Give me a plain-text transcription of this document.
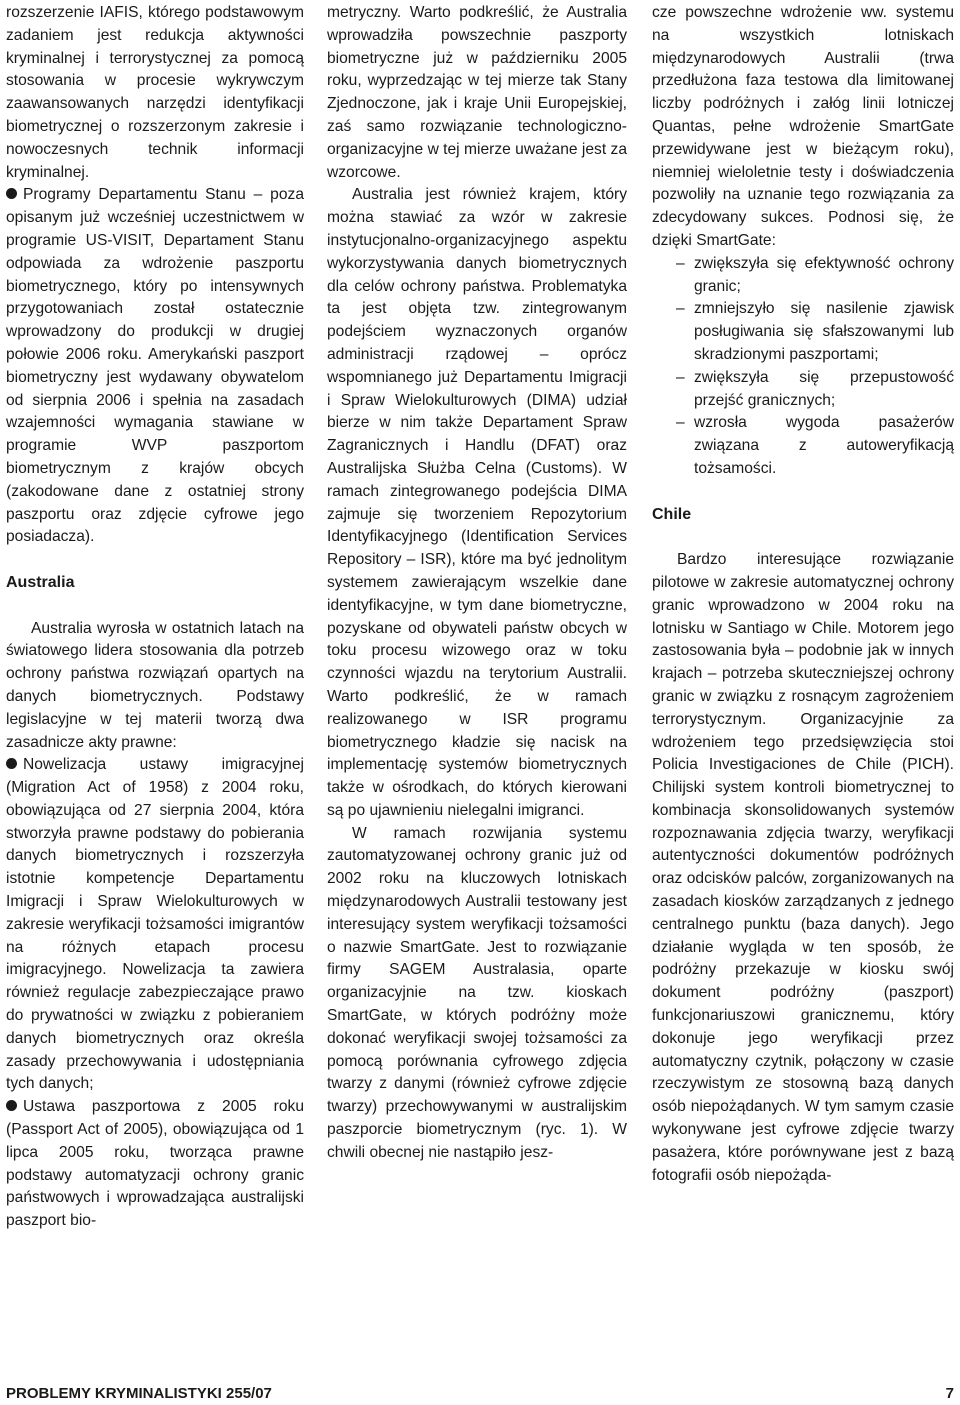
rozszerzenie IAFIS, którego podstawowym zadaniem jest redukcja aktywności kryminalnej i terrorystycznej za pomocą stosowania w procesie wykrywczym zaawansowanych narzędzi identyfikacji biometrycznej o rozszerzonym zakresie i nowoczesnych technik informacji kryminalnej.

Programy Departamentu Stanu – poza opisanym już wcześniej uczestnictwem w programie US-VISIT, Departament Stanu odpowiada za wdrożenie paszportu biometrycznego, który po intensywnych przygotowaniach został ostatecznie wprowadzony do produkcji w drugiej połowie 2006 roku. Amerykański paszport biometryczny jest wydawany obywatelom od sierpnia 2006 i spełnia na zasadach wzajemności wymagania stawiane w programie WVP paszportom biometrycznym z krajów obcych (zakodowane dane z ostatniej strony paszportu oraz zdjęcie cyfrowe jego posiadacza).

Australia

Australia wyrosła w ostatnich latach na światowego lidera stosowania dla potrzeb ochrony państwa rozwiązań opartych na danych biometrycznych. Podstawy legislacyjne w tej materii tworzą dwa zasadnicze akty prawne:

Nowelizacja ustawy imigracyjnej (Migration Act of 1958) z 2004 roku, obowiązująca od 27 sierpnia 2004, która stworzyła prawne podstawy do pobierania danych biometrycznych i rozszerzyła istotnie kompetencje Departamentu Imigracji i Spraw Wielokulturowych w zakresie weryfikacji tożsamości imigrantów na różnych etapach procesu imigracyjnego. Nowelizacja ta zawiera również regulacje zabezpieczające prawo do prywatności w związku z pobieraniem danych biometrycznych oraz określa zasady przechowywania i udostępniania tych danych;

Ustawa paszportowa z 2005 roku (Passport Act of 2005), obowiązująca od 1 lipca 2005 roku, tworząca prawne podstawy automatyzacji ochrony granic państwowych i wprowadzająca australijski paszport bio-

metryczny. Warto podkreślić, że Australia wprowadziła powszechnie paszporty biometryczne już w październiku 2005 roku, wyprzedzając w tej mierze tak Stany Zjednoczone, jak i kraje Unii Europejskiej, zaś samo rozwiązanie technologiczno-organizacyjne w tej mierze uważane jest za wzorcowe.

Australia jest również krajem, który można stawiać za wzór w zakresie instytucjonalno-organizacyjnego aspektu wykorzystywania danych biometrycznych dla celów ochrony państwa. Problematyka ta jest objęta tzw. zintegrowanym podejściem wyznaczonych organów administracji rządowej – oprócz wspomnianego już Departamentu Imigracji i Spraw Wielokulturowych (DIMA) udział bierze w nim także Departament Spraw Zagranicznych i Handlu (DFAT) oraz Australijska Służba Celna (Customs). W ramach zintegrowanego podejścia DIMA zajmuje się tworzeniem Repozytorium Identyfikacyjnego (Identification Services Repository – ISR), które ma być jednolitym systemem zawierającym wszelkie dane identyfikacyjne, w tym dane biometryczne, pozyskane od obywateli państw obcych w toku procesu wizowego oraz w toku czynności wjazdu na terytorium Australii. Warto podkreślić, że w ramach realizowanego w ISR programu biometrycznego kładzie się nacisk na implementację systemów biometrycznych także w ośrodkach, do których kierowani są po ujawnieniu nielegalni imigranci.

W ramach rozwijania systemu zautomatyzowanej ochrony granic już od 2002 roku na kluczowych lotniskach międzynarodowych Australii testowany jest interesujący system weryfikacji tożsamości o nazwie SmartGate. Jest to rozwiązanie firmy SAGEM Australasia, oparte organizacyjnie na tzw. kioskach SmartGate, w których podróżny może dokonać weryfikacji swojej tożsamości za pomocą porównania cyfrowego zdjęcia twarzy z danymi (również cyfrowe zdjęcie twarzy) przechowywanymi w australijskim paszporcie biometrycznym (ryc. 1). W chwili obecnej nie nastąpiło jesz-

cze powszechne wdrożenie ww. systemu na wszystkich lotniskach międzynarodowych Australii (trwa przedłużona faza testowa dla limitowanej liczby podróżnych i załóg linii lotniczej Quantas, pełne wdrożenie SmartGate przewidywane jest w bieżącym roku), niemniej wieloletnie testy i doświadczenia pozwoliły na uznanie tego rozwiązania za zdecydowany sukces. Podnosi się, że dzięki SmartGate:

– zwiększyła się efektywność ochrony granic;
– zmniejszyło się nasilenie zjawisk posługiwania się sfałszowanymi lub skradzionymi paszportami;
– zwiększyła się przepustowość przejść granicznych;
– wzrosła wygoda pasażerów związana z autoweryfikacją tożsamości.
Chile

Bardzo interesujące rozwiązanie pilotowe w zakresie automatycznej ochrony granic wprowadzono w 2004 roku na lotnisku w Santiago w Chile. Motorem jego zastosowania była – podobnie jak w innych krajach – potrzeba skuteczniejszej ochrony granic w związku z rosnącym zagrożeniem terrorystycznym. Organizacyjnie za wdrożeniem tego przedsięwzięcia stoi Policia Investigaciones de Chile (PICH). Chilijski system kontroli biometrycznej to kombinacja skonsolidowanych systemów rozpoznawania zdjęcia twarzy, weryfikacji autentyczności dokumentów podróżnych oraz odcisków palców, zorganizowanych na zasadach kiosków zarządzanych z jednego centralnego punktu (baza danych). Jego działanie wygląda w ten sposób, że podróżny przekazuje w kiosku swój dokument podróżny (paszport) funkcjonariuszowi granicznemu, który dokonuje jego weryfikacji przez automatyczny czytnik, połączony w czasie rzeczywistym ze stosowną bazą danych osób niepożądanych. W tym samym czasie wykonywane jest cyfrowe zdjęcie twarzy pasażera, które porównywane jest z bazą fotografii osób niepożąda-

PROBLEMY KRYMINALISTYKI 255/07	7
